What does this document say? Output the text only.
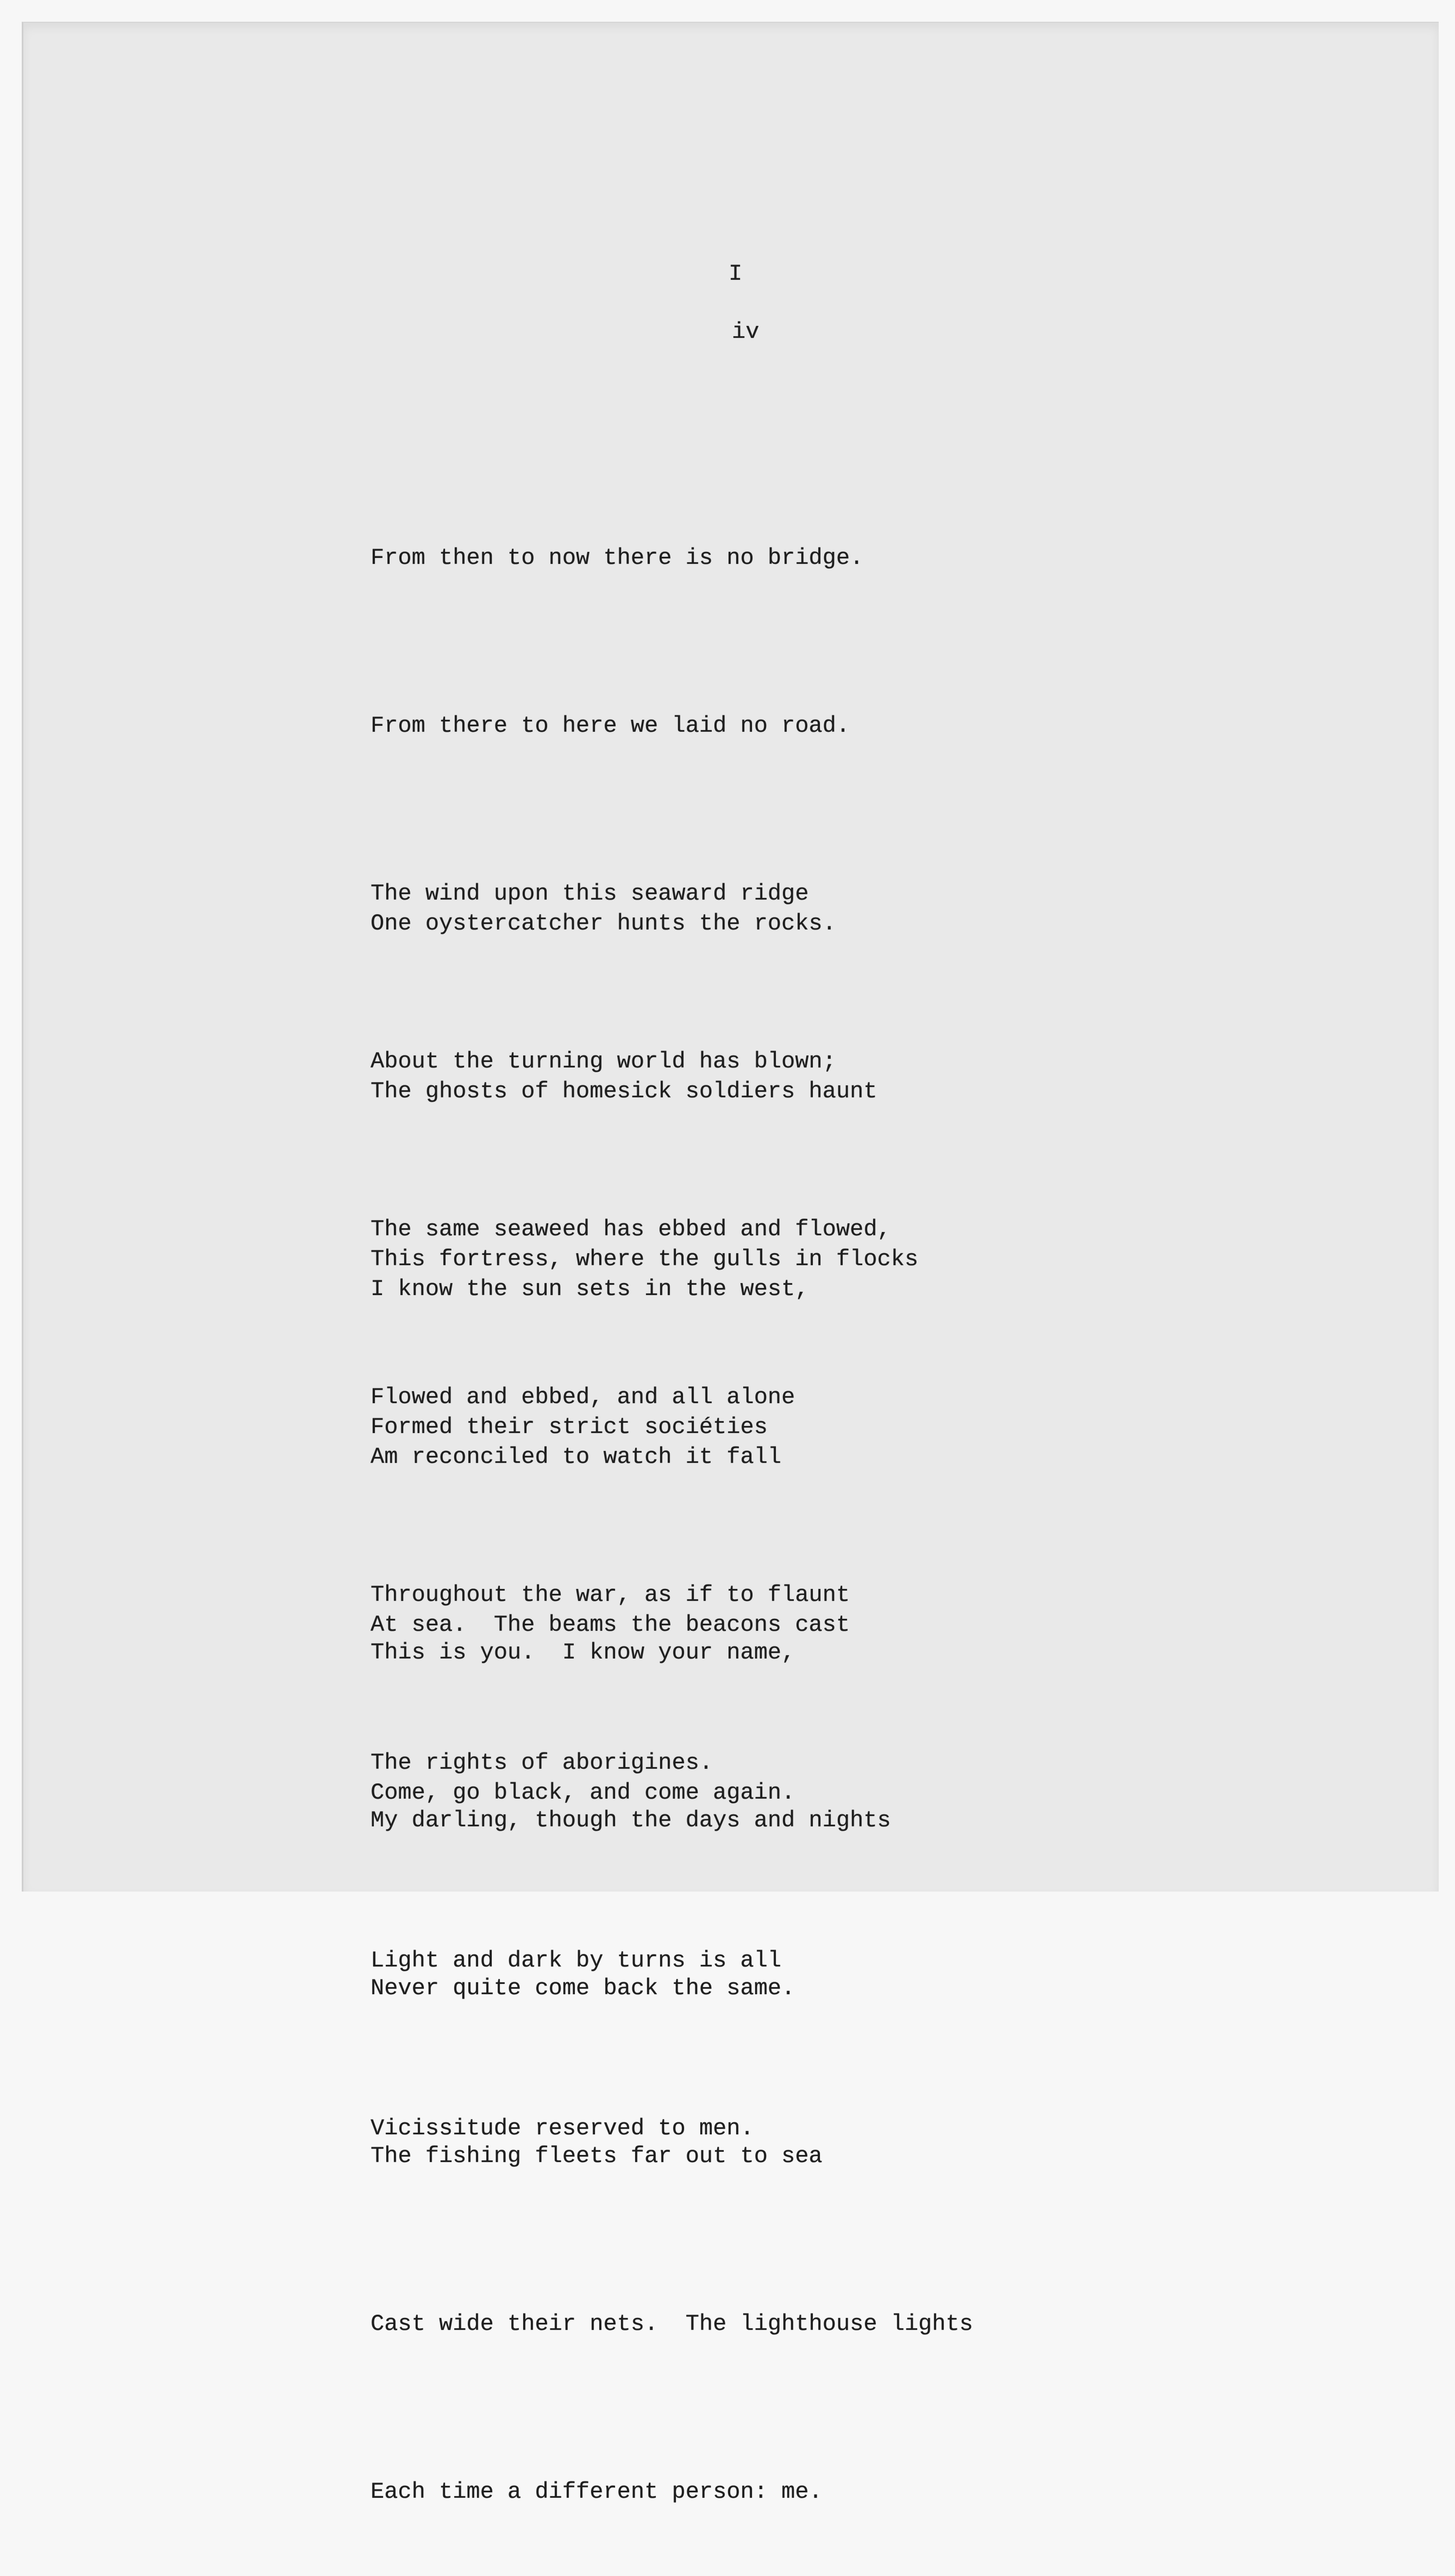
I
iv

From then to now there is no bridge.

From there to here we laid no road.

The wind upon this seaward ridge

About the turning world has blown;

The same seaweed has ebbed and flowed,

Flowed and ebbed, and all alone

One oystercatcher hunts the rocks.

The ghosts of homesick soldiers haunt

This fortress, where the gulls in flocks

Formed their strict sociéties

Throughout the war, as if to flaunt

The rights of aborigines.

I know the sun sets in the west,

Am reconciled to watch it fall

At sea.  The beams the beacons cast

Come, go black, and come again.

Light and dark by turns is all

Vicissitude reserved to men.

This is you.  I know your name,

My darling, though the days and nights

Never quite come back the same.

The fishing fleets far out to sea

Cast wide their nets.  The lighthouse lights

Each time a different person: me.
